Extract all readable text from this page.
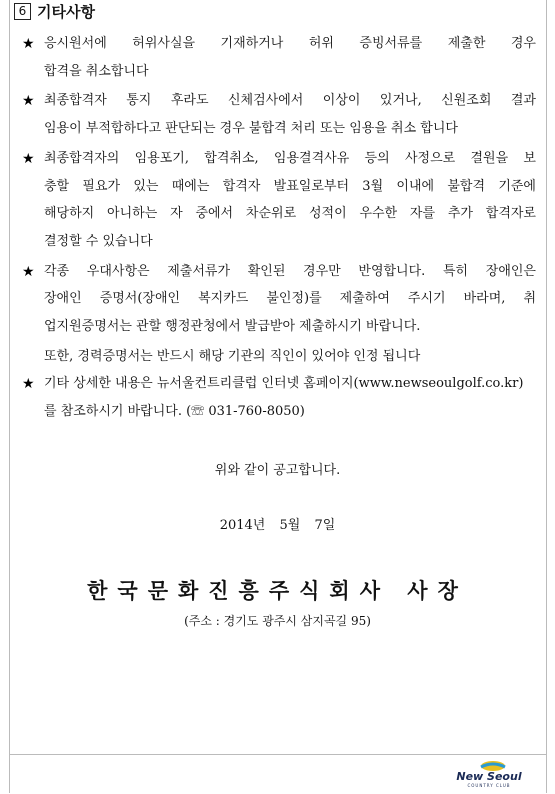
6 기타사항
★ 응시원서에 허위사실을 기재하거나 허위 증빙서류를 제출한 경우
합격을 취소합니다
★ 최종합격자 통지 후라도 신체검사에서 이상이 있거나, 신원조회 결과
임용이 부적합하다고 판단되는 경우 불합격 처리 또는 임용을 취소 합니다
★ 최종합격자의 임용포기, 합격취소, 임용결격사유 등의 사정으로 결원을 보
충할 필요가 있는 때에는 합격자 발표일로부터 3월 이내에 불합격 기준에
해당하지 아니하는 자 중에서 차순위로 성적이 우수한 자를 추가 합격자로
결정할 수 있습니다
★ 각종 우대사항은 제출서류가 확인된 경우만 반영합니다. 특히 장애인은
장애인 증명서(장애인 복지카드 불인정)를 제출하여 주시기 바라며, 취
업지원증명서는 관할 행정관청에서 발급받아 제출하시기 바랍니다.
또한, 경력증명서는 반드시 해당 기관의 직인이 있어야 인정 됩니다
★ 기타 상세한 내용은 뉴서울컨트리클럽 인터넷 홈페이지(www.newseoulgolf.co.kr)
를 참조하시기 바랍니다. (☏ 031-760-8050)
위와 같이 공고합니다.
2014년 5월 7일
한국문화진흥주식회사 사장
(주소 : 경기도 광주시 삼지곡길 95)
New Seoul
COUNTRY CLUB
